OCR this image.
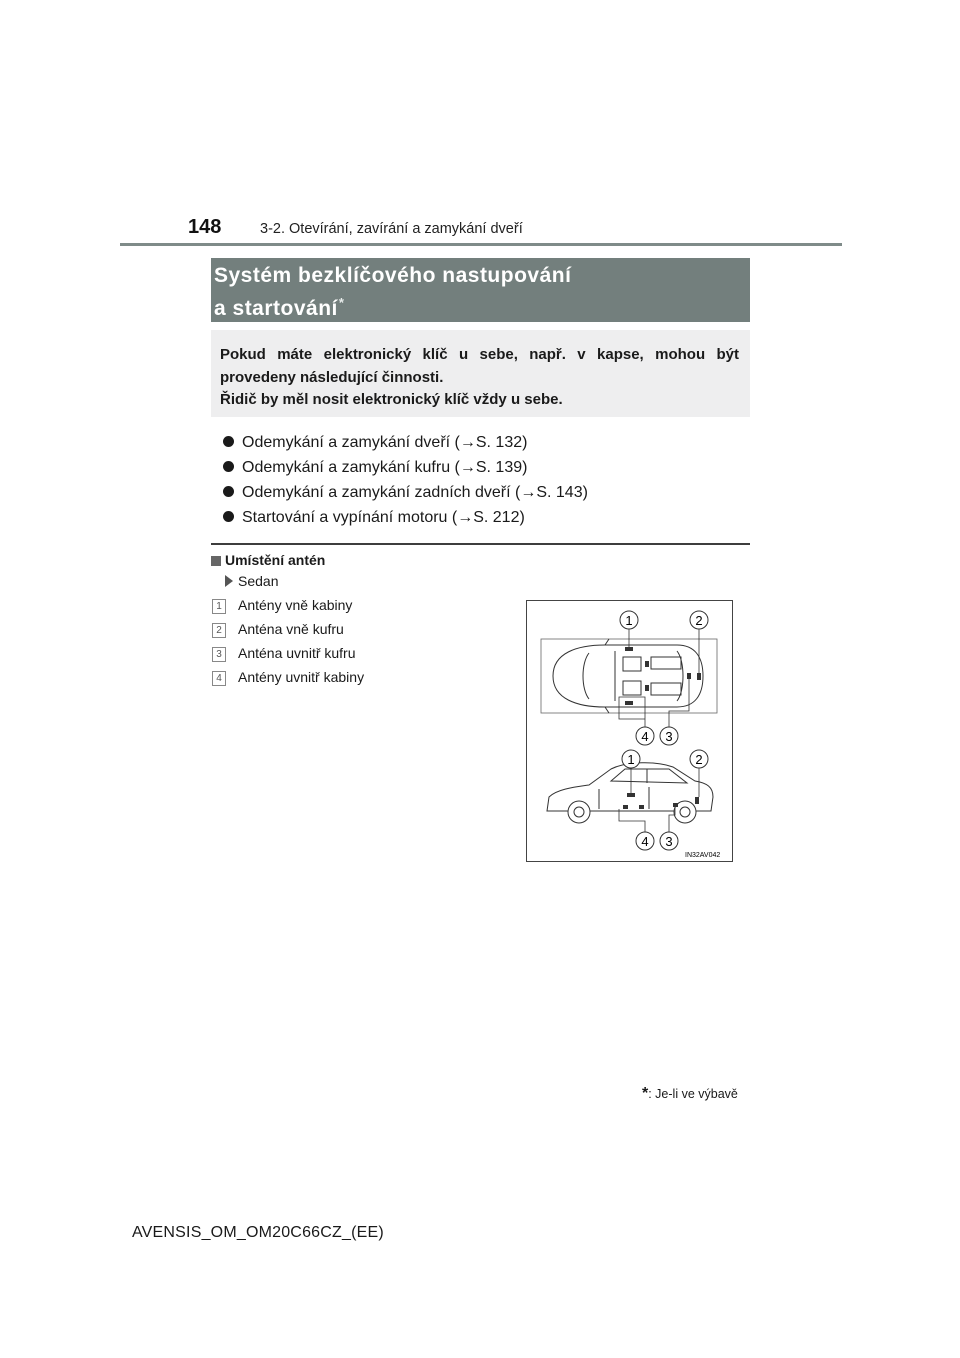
148	3-2. Otevírání, zavírání a zamykání dveří
Systém bezklíčového nastupování
a startování*
Pokud máte elektronický klíč u sebe, např. v kapse, mohou být
provedeny následující činnosti.
Řidič by měl nosit elektronický klíč vždy u sebe.
Odemykání a zamykání dveří (→S. 132)
Odemykání a zamykání kufru (→S. 139)
Odemykání a zamykání zadních dveří (→S. 143)
Startování a vypínání motoru (→S. 212)
Umístění antén
Sedan
1 Antény vně kabiny
2 Anténa vně kufru
3 Anténa uvnitř kufru
4 Antény uvnitř kabiny
1	2
4 3
1	2
4 3
IN32AV042
*: Je-li ve výbavě
AVENSIS_OM_OM20C66CZ_(EE)
